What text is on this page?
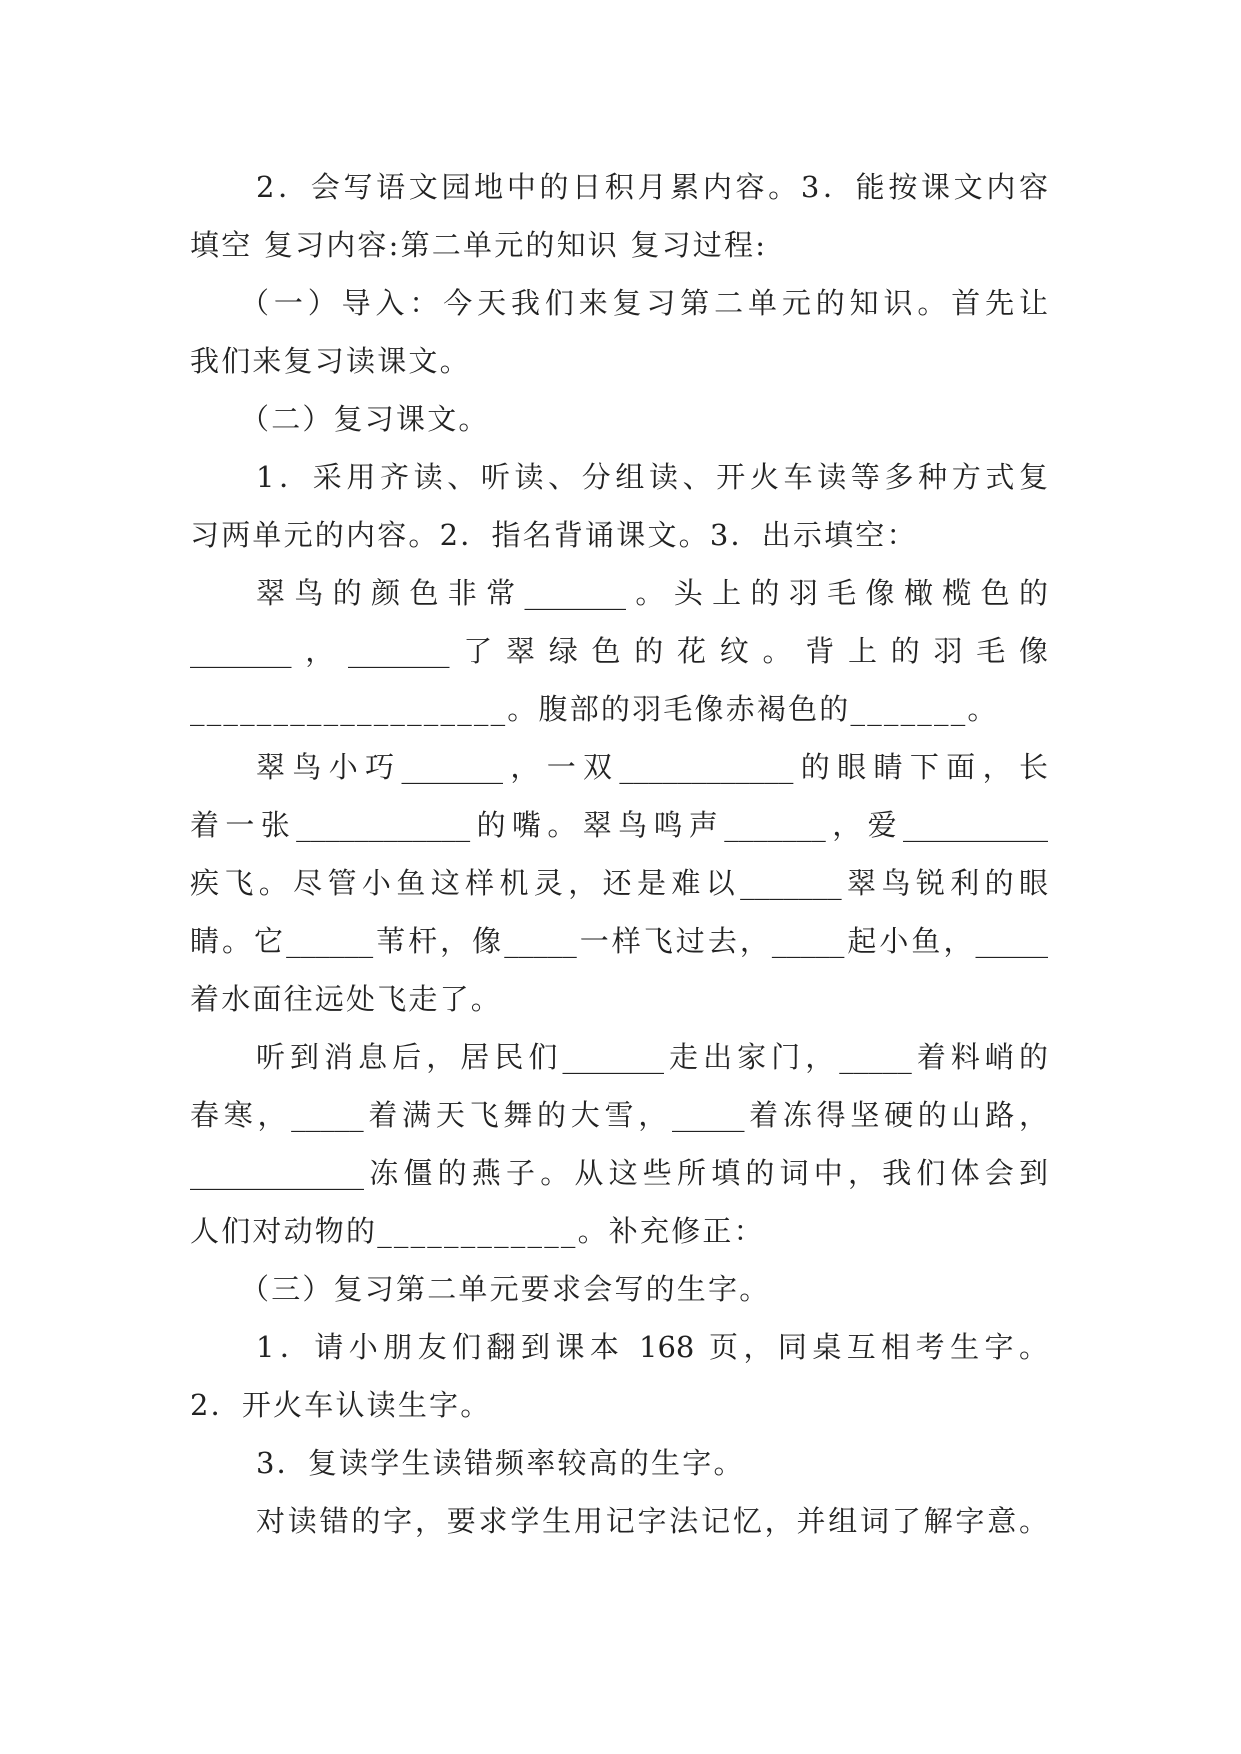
2．会写语文园地中的日积月累内容。3．能按课文内容
填空 复习内容:第二单元的知识 复习过程:
（一）导入：今天我们来复习第二单元的知识。首先让
我们来复习读课文。
（二）复习课文。
1．采用齐读、听读、分组读、开火车读等多种方式复
习两单元的内容。2．指名背诵课文。3．出示填空：
翠鸟的颜色非常_______。头上的羽毛像橄榄色的
_______，_______了翠绿色的花纹。背上的羽毛像
___________________。腹部的羽毛像赤褐色的_______。
翠鸟小巧_______，一双____________的眼睛下面，长
着一张____________的嘴。翠鸟鸣声_______，爱__________
疾飞。尽管小鱼这样机灵，还是难以_______翠鸟锐利的眼
睛。它______苇杆，像_____一样飞过去，_____起小鱼，_____
着水面往远处飞走了。
听到消息后，居民们_______走出家门，_____着料峭的
春寒，_____着满天飞舞的大雪，_____着冻得坚硬的山路，
____________冻僵的燕子。从这些所填的词中，我们体会到
人们对动物的____________。补充修正：
（三）复习第二单元要求会写的生字。
1．请小朋友们翻到课本 168 页，同桌互相考生字。
2．开火车认读生字。
3．复读学生读错频率较高的生字。
对读错的字，要求学生用记字法记忆，并组词了解字意。
